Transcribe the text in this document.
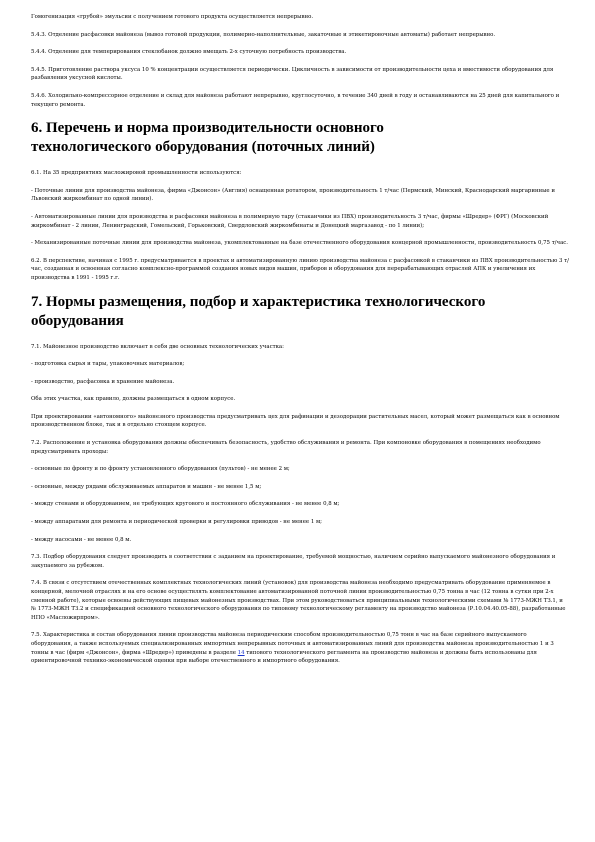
Гомогенизация «грубой» эмульсии с получением готового продукта осуществляется непрерывно.

5.4.3. Отделение расфасовки майонеза (вывоз готовой продукции, полимерно-наполнительные, закаточные и этикетировочные автоматы) работает непрерывно.

5.4.4. Отделение для темперирования стеклобанок должно вмещать 2-х суточную потребность производства.

5.4.5. Приготовление раствора уксуса 10 % концентрации осуществляется периодически. Цикличность в зависимости от производительности цеха и вместимости оборудования для разбавления уксусной кислоты.

5.4.6. Холодильно-компрессорное отделение и склад для майонеза работают непрерывно, круглосуточно, в течение 340 дней в году и останавливаются на 25 дней для капитального и текущего ремонта.

6. Перечень и норма производительности основного технологического оборудования (поточных линий)

6.1. На 35 предприятиях масложировой промышленности используются:

- Поточные линии для производства майонеза, фирма «Джонсон» (Англия) оснащенная ротатором, производительность 1 т/час (Пермский, Минский, Краснодарский маргаринные и Львовский жиркомбинат по одной линии).

- Автоматизированные линии для производства и расфасовки майонеза в полимерную тару (стаканчики из ПВХ) производительность 3 т/час, фирмы «Шредер» (ФРГ) (Московский жиркомбинат - 2 линии, Ленинградский, Гомельский, Горьковский, Свердловский жиркомбинаты и Донецкий маргазавод - по 1 линии);

- Механизированные поточные линии для производства майонеза, укомплектованные на базе отечественного оборудования концерной промышленности, производительность 0,75 т/час.

6.2. В перспективе, начиная с 1995 г. предусматривается в проектах и автоматизированную линию производства майонеза с расфасовкой в стаканчики из ПВХ производительностью 3 т/час, созданная и освоенная согласно комплексно-программой создания новых видов машин, приборов и оборудования для перерабатывающих отраслей АПК и увеличения их производства в 1991 - 1995 г.г.

7. Нормы размещения, подбор и характеристика технологического оборудования

7.1. Майонезное производство включает в себя две основных технологических участка:

- подготовка сырья и тары, упаковочных материалов;

- производство, расфасовка и хранение майонеза.

Оба этих участка, как правило, должны размещаться в одном корпусе.

При проектировании «автономного» майонезного производства предусматривать цех для рафинации и дезодорации растительных масел, который может размещаться как в основном производственном блоке, так и в отдельно стоящем корпусе.

7.2. Расположение и установка оборудования должны обеспечивать безопасность, удобство обслуживания и ремонта. При компоновке оборудования в помещениях необходимо предусматривать проходы:

- основные по фронту и по фронту установленного оборудования (пультов) - не менее 2 м;

- основные, между рядами обслуживаемых аппаратов и машин - не менее 1,5 м;

- между стенами и оборудованием, не требующих кругового и постоянного обслуживания - не менее 0,8 м;

- между аппаратами для ремонта и периодической проверки и регулировки приводов - не менее 1 м;

- между насосами - не менее 0,8 м.

7.3. Подбор оборудования следует производить в соответствии с заданием на проектирование, требуемой мощностью, наличием серийно выпускаемого майонезного оборудования и закупаемого за рубежом.

7.4. В связи с отсутствием отечественных комплектных технологических линий (установок) для производства майонеза необходимо предусматривать оборудование применяемое в концерной, мелочной отраслях и на его основе осуществлять комплектование автоматизированной поточной линии производительностью 0,75 тонна в час (12 тонна в сутки при 2-х сменной работе), которые освоены действующих пищевых майонезных производствах. При этом руководствоваться принципиальными технологическими схемами № 1773-МЖН ТЗ.1, и № 1773-МЖН ТЗ.2 и спецификацией основного технологического оборудования по типовому технологическому регламенту на производство майонеза (Р.10.04.40.05-88), разработанные НПО «Масложирпром».

7.5. Характеристика и состав оборудования линии производства майонеза периодическим способом производительностью 0,75 тонн в час на базе серийного выпускаемого оборудования, а также используемых специализированных импортных непрерывных поточных и автоматизированных линий для производства майонеза производительностью 1 и 3 тонны в час (фирм «Джонсон», фирма «Шредер») приведены в разделе 14 типового технологического регламента на производство майонеза и должны быть использованы для ориентировочной технико-экономической оценки при выборе отечественного и импортного оборудования.
